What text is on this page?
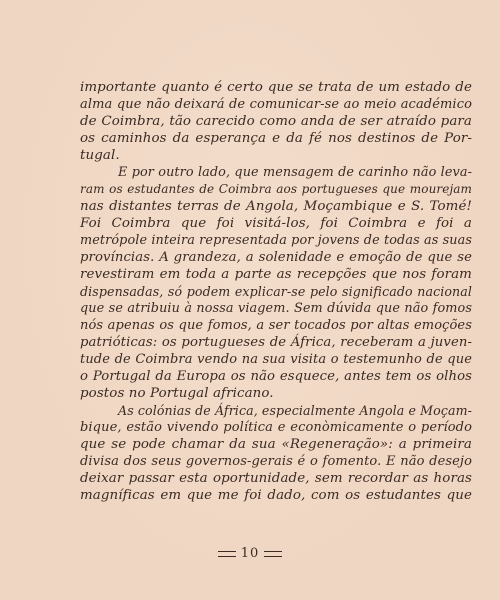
importante quanto é certo que se trata de um estado de
alma que não deixará de comunicar-se ao meio académico
de Coimbra, tão carecido como anda de ser atraído para
os caminhos da esperança e da fé nos destinos de Por-
tugal.
E por outro lado, que mensagem de carinho não leva-
ram os estudantes de Coimbra aos portugueses que mourejam
nas distantes terras de Angola, Moçambique e S. Tomé!
Foi Coimbra que foi visitá-los, foi Coimbra e foi a
metrópole inteira representada por jovens de todas as suas
províncias. A grandeza, a solenidade e emoção de que se
revestiram em toda a parte as recepções que nos foram
dispensadas, só podem explicar-se pelo significado nacional
que se atribuiu à nossa viagem. Sem dúvida que não fomos
nós apenas os que fomos, a ser tocados por altas emoções
patrióticas: os portugueses de África, receberam a juven-
tude de Coimbra vendo na sua visita o testemunho de que
o Portugal da Europa os não esquece, antes tem os olhos
postos no Portugal africano.
As colónias de África, especialmente Angola e Moçam-
bique, estão vivendo política e econòmicamente o período
que se pode chamar da sua «Regeneração»: a primeira
divisa dos seus governos-gerais é o fomento. E não desejo
deixar passar esta oportunidade, sem recordar as horas
magníficas em que me foi dado, com os estudantes que
10
